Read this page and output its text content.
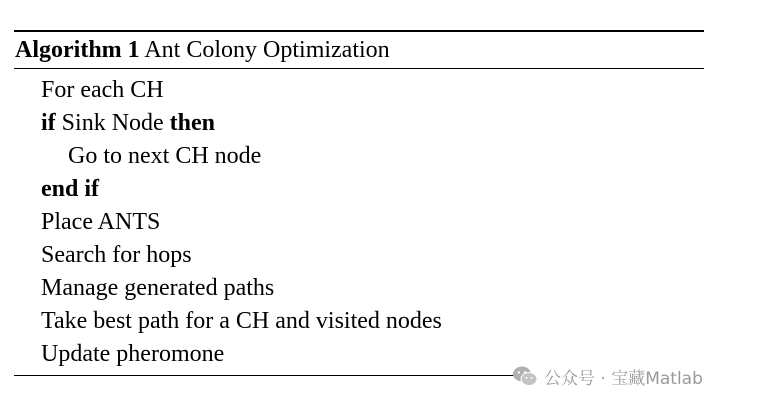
Algorithm 1 Ant Colony Optimization
For each CH
if Sink Node then
Go to next CH node
end if
Place ANTS
Search for hops
Manage generated paths
Take best path for a CH and visited nodes
Update pheromone
公众号 · 宝藏Matlab
